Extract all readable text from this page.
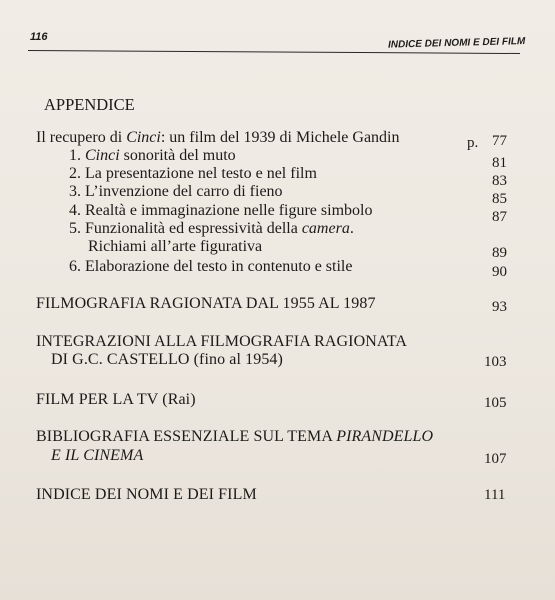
116	INDICE DEI NOMI E DEI FILM
APPENDICE
Il recupero di Cinci: un film del 1939 di Michele Gandin	p. 77
1. Cinci sonorità del muto	81
2. La presentazione nel testo e nel film	83
3. L’invenzione del carro di fieno	85
4. Realtà e immaginazione nelle figure simbolo	87
5. Funzionalità ed espressività della camera.
Richiami all’arte figurativa	89
6. Elaborazione del testo in contenuto e stile	90
FILMOGRAFIA RAGIONATA DAL 1955 AL 1987	93
INTEGRAZIONI ALLA FILMOGRAFIA RAGIONATA
DI G.C. CASTELLO (fino al 1954)	103
FILM PER LA TV (Rai)	105
BIBLIOGRAFIA ESSENZIALE SUL TEMA PIRANDELLO
E IL CINEMA	107
INDICE DEI NOMI E DEI FILM	111
